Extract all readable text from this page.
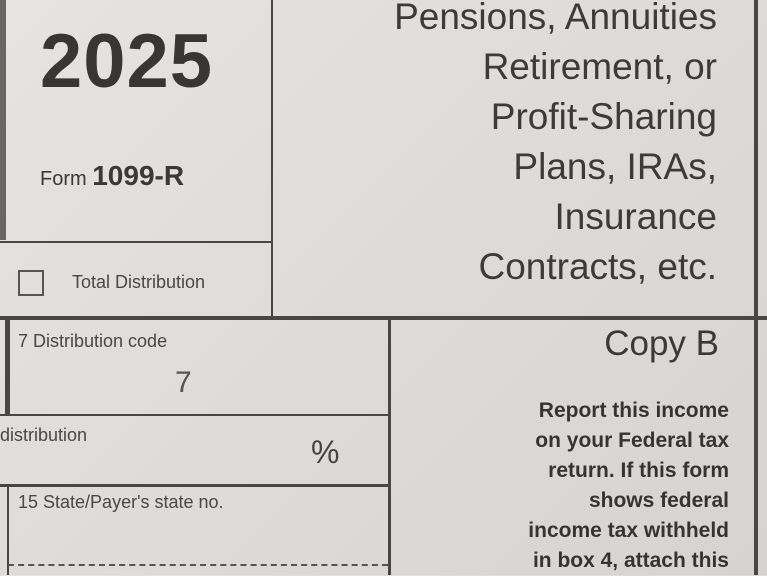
2025
Form 1099-R
Pensions, Annuities
Retirement, or
Profit-Sharing
Plans, IRAs,
Insurance
Contracts, etc.
Total Distribution
7 Distribution code
7
distribution	%
15 State/Payer's state no.
Copy B
Report this income
on your Federal tax
return. If this form
shows federal
income tax withheld
in box 4, attach this
